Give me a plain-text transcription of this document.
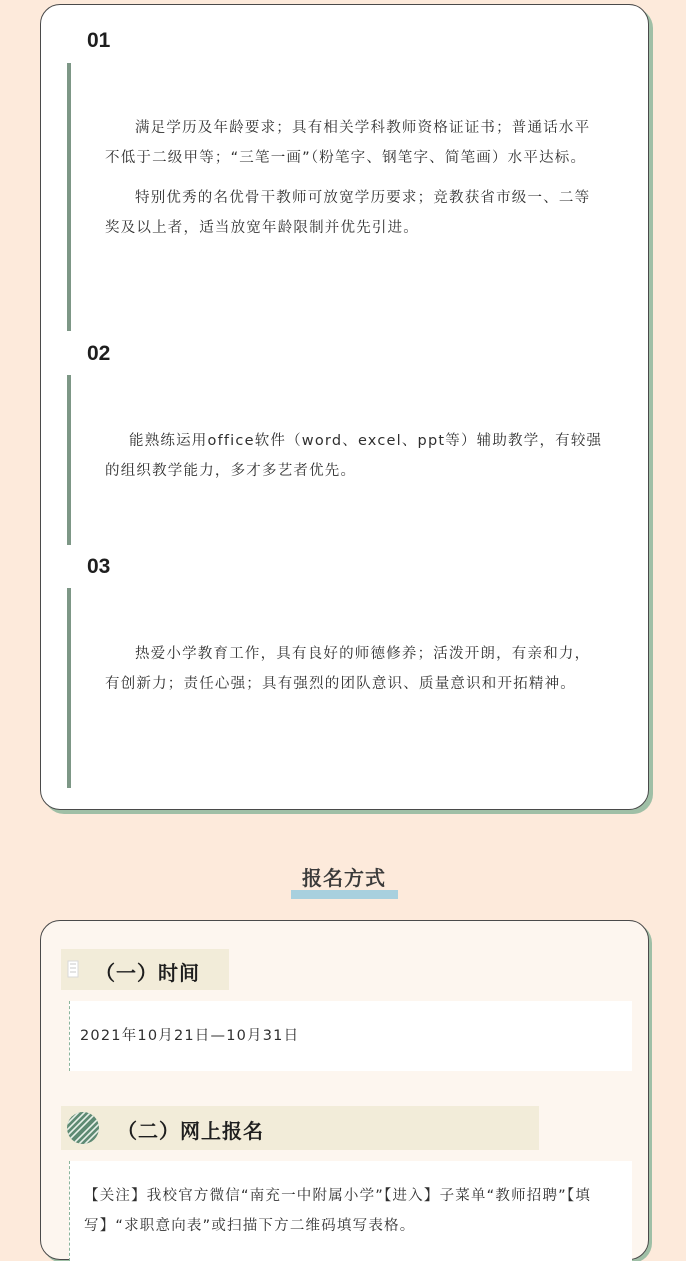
01

满足学历及年龄要求；具有相关学科教师资格证证书；普通话水平不低于二级甲等；“三笔一画”（粉笔字、钢笔字、简笔画）水平达标。

特别优秀的名优骨干教师可放宽学历要求；竞教获省市级一、二等奖及以上者，适当放宽年龄限制并优先引进。

02

能熟练运用office软件（word、excel、ppt等）辅助教学，有较强的组织教学能力，多才多艺者优先。

03

热爱小学教育工作，具有良好的师德修养；活泼开朗，有亲和力，有创新力；责任心强；具有强烈的团队意识、质量意识和开拓精神。

报名方式
（一）时间
2021年10月21日—10月31日
（二）网上报名
【关注】我校官方微信“南充一中附属小学”【进入】子菜单“教师招聘”【填写】“求职意向表”或扫描下方二维码填写表格。
